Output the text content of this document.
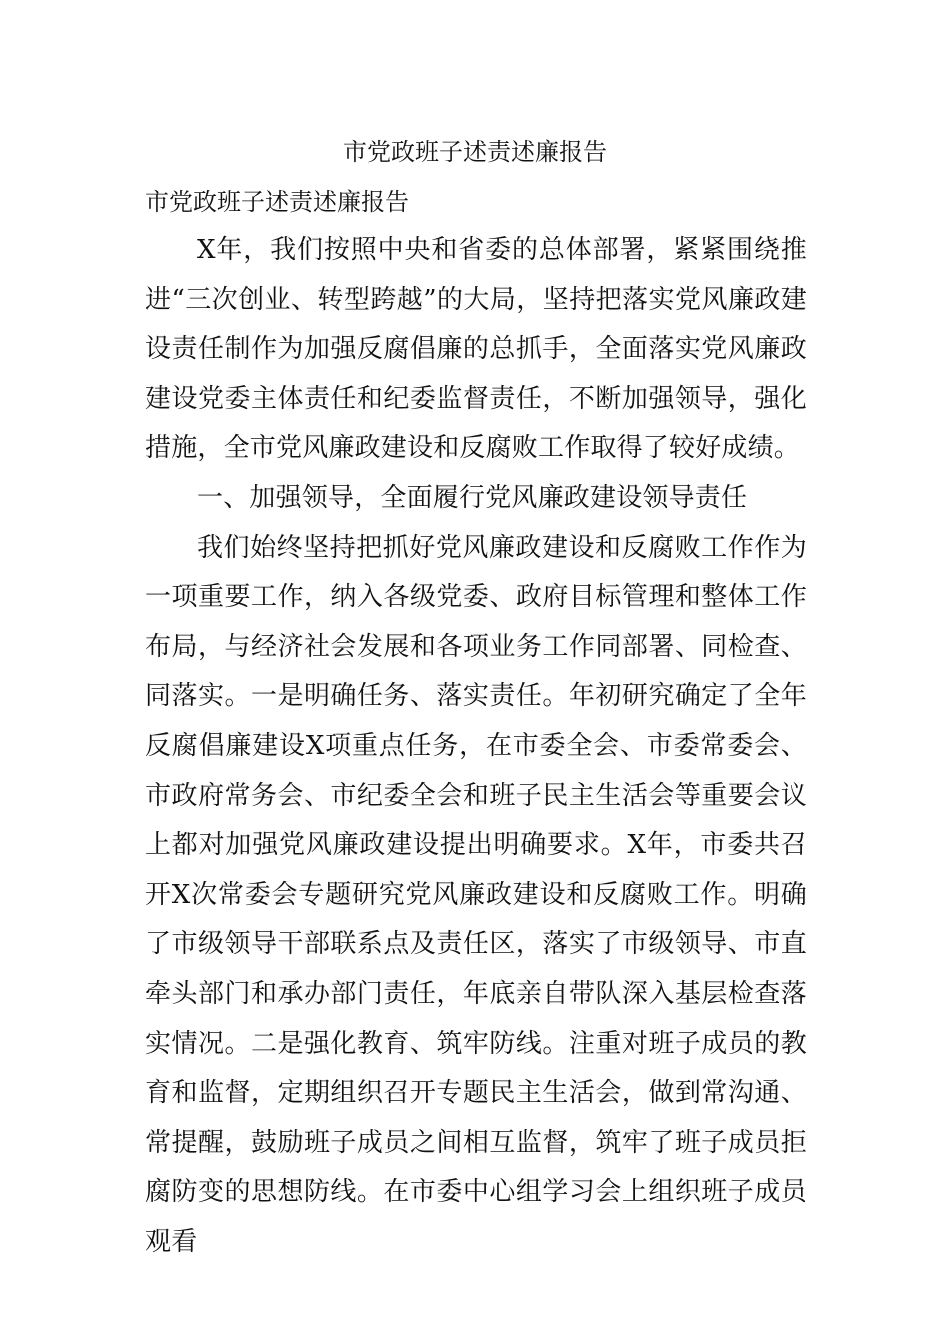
市党政班子述责述廉报告
市党政班子述责述廉报告

X年，我们按照中央和省委的总体部署，紧紧围绕推进“三次创业、转型跨越”的大局，坚持把落实党风廉政建设责任制作为加强反腐倡廉的总抓手，全面落实党风廉政建设党委主体责任和纪委监督责任，不断加强领导，强化措施，全市党风廉政建设和反腐败工作取得了较好成绩。

一、加强领导，全面履行党风廉政建设领导责任

我们始终坚持把抓好党风廉政建设和反腐败工作作为一项重要工作，纳入各级党委、政府目标管理和整体工作布局，与经济社会发展和各项业务工作同部署、同检查、同落实。一是明确任务、落实责任。年初研究确定了全年反腐倡廉建设X项重点任务，在市委全会、市委常委会、市政府常务会、市纪委全会和班子民主生活会等重要会议上都对加强党风廉政建设提出明确要求。X年，市委共召开X次常委会专题研究党风廉政建设和反腐败工作。明确了市级领导干部联系点及责任区，落实了市级领导、市直牵头部门和承办部门责任，年底亲自带队深入基层检查落实情况。二是强化教育、筑牢防线。注重对班子成员的教育和监督，定期组织召开专题民主生活会，做到常沟通、常提醒，鼓励班子成员之间相互监督，筑牢了班子成员拒腐防变的思想防线。在市委中心组学习会上组织班子成员观看
